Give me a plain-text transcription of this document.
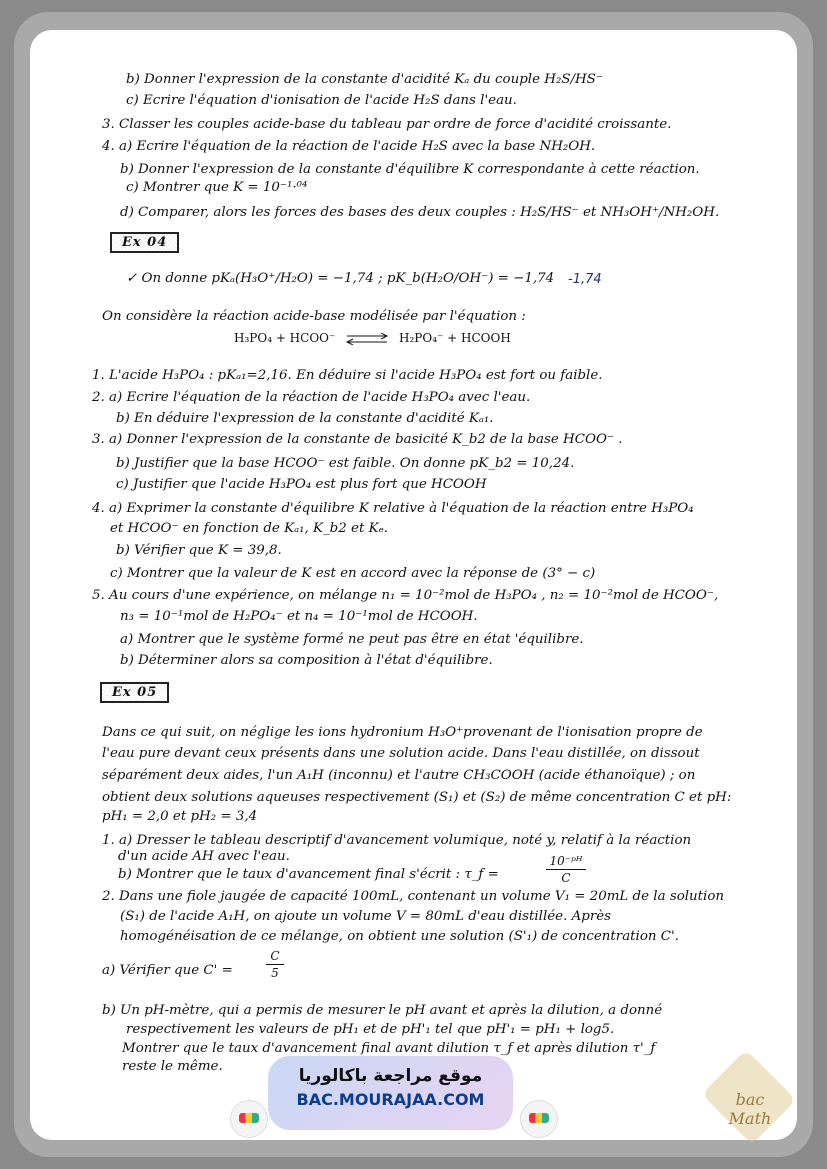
b) Donner l'expression de la constante d'acidité Kₐ du couple H₂S/HS⁻
c) Ecrire l'équation d'ionisation de l'acide H₂S dans l'eau.
3. Classer les couples acide-base du tableau par ordre de force d'acidité croissante.
4. a) Ecrire l'équation de la réaction de l'acide H₂S avec la base NH₂OH.
b) Donner l'expression de la constante d'équilibre K correspondante à cette réaction.
c) Montrer que K = 10⁻¹·⁰⁴
d) Comparer, alors les forces des bases des deux couples : H₂S/HS⁻ et NH₃OH⁺/NH₂OH.
Ex 04
✓ On donne pKₐ(H₃O⁺/H₂O) = −1,74 ; pK_b(H₂O/OH⁻) = −1,74 -1,74
On considère la réaction acide-base modélisée par l'équation :
H₃PO₄ + HCOO⁻ ⇌ H₂PO₄⁻ + HCOOH
1. L'acide H₃PO₄ : pKₐ₁=2,16. En déduire si l'acide H₃PO₄ est fort ou faible.
2. a) Ecrire l'équation de la réaction de l'acide H₃PO₄ avec l'eau.
b) En déduire l'expression de la constante d'acidité Kₐ₁.
3. a) Donner l'expression de la constante de basicité K_b2 de la base HCOO⁻ .
b) Justifier que la base HCOO⁻ est faible. On donne pK_b2 = 10,24.
c) Justifier que l'acide H₃PO₄ est plus fort que HCOOH
4. a) Exprimer la constante d'équilibre K relative à l'équation de la réaction entre H₃PO₄
et HCOO⁻ en fonction de Kₐ₁, K_b2 et Kₑ.
b) Vérifier que K = 39,8.
c) Montrer que la valeur de K est en accord avec la réponse de (3° − c)
5. Au cours d'une expérience, on mélange n₁ = 10⁻²mol de H₃PO₄ , n₂ = 10⁻²mol de HCOO⁻,
n₃ = 10⁻¹mol de H₂PO₄⁻ et n₄ = 10⁻¹mol de HCOOH.
a) Montrer que le système formé ne peut pas être en état 'équilibre.
b) Déterminer alors sa composition à l'état d'équilibre.
Ex 05
Dans ce qui suit, on néglige les ions hydronium H₃O⁺provenant de l'ionisation propre de
l'eau pure devant ceux présents dans une solution acide. Dans l'eau distillée, on dissout
séparément deux aides, l'un A₁H (inconnu) et l'autre CH₃COOH (acide éthanoïque) ; on
obtient deux solutions aqueuses respectivement (S₁) et (S₂) de même concentration C et pH:
pH₁ = 2,0 et pH₂ = 3,4
1. a) Dresser le tableau descriptif d'avancement volumique, noté y, relatif à la réaction
d'un acide AH avec l'eau.
b) Montrer que le taux d'avancement final s'écrit : τ_f =
10⁻ᵖᴴ
C
2. Dans une fiole jaugée de capacité 100mL, contenant un volume V₁ = 20mL de la solution
(S₁) de l'acide A₁H, on ajoute un volume V = 80mL d'eau distillée. Après
homogénéisation de ce mélange, on obtient une solution (S'₁) de concentration C'.
a) Vérifier que C' =
C
5
b) Un pH-mètre, qui a permis de mesurer le pH avant et après la dilution, a donné
respectivement les valeurs de pH₁ et de pH'₁ tel que pH'₁ = pH₁ + log5.
Montrer que le taux d'avancement final avant dilution τ_f et après dilution τ'_f
reste le même.	موقع مراجعة باكالوريا
BAC.MOURAJAA.COM	bac Math
